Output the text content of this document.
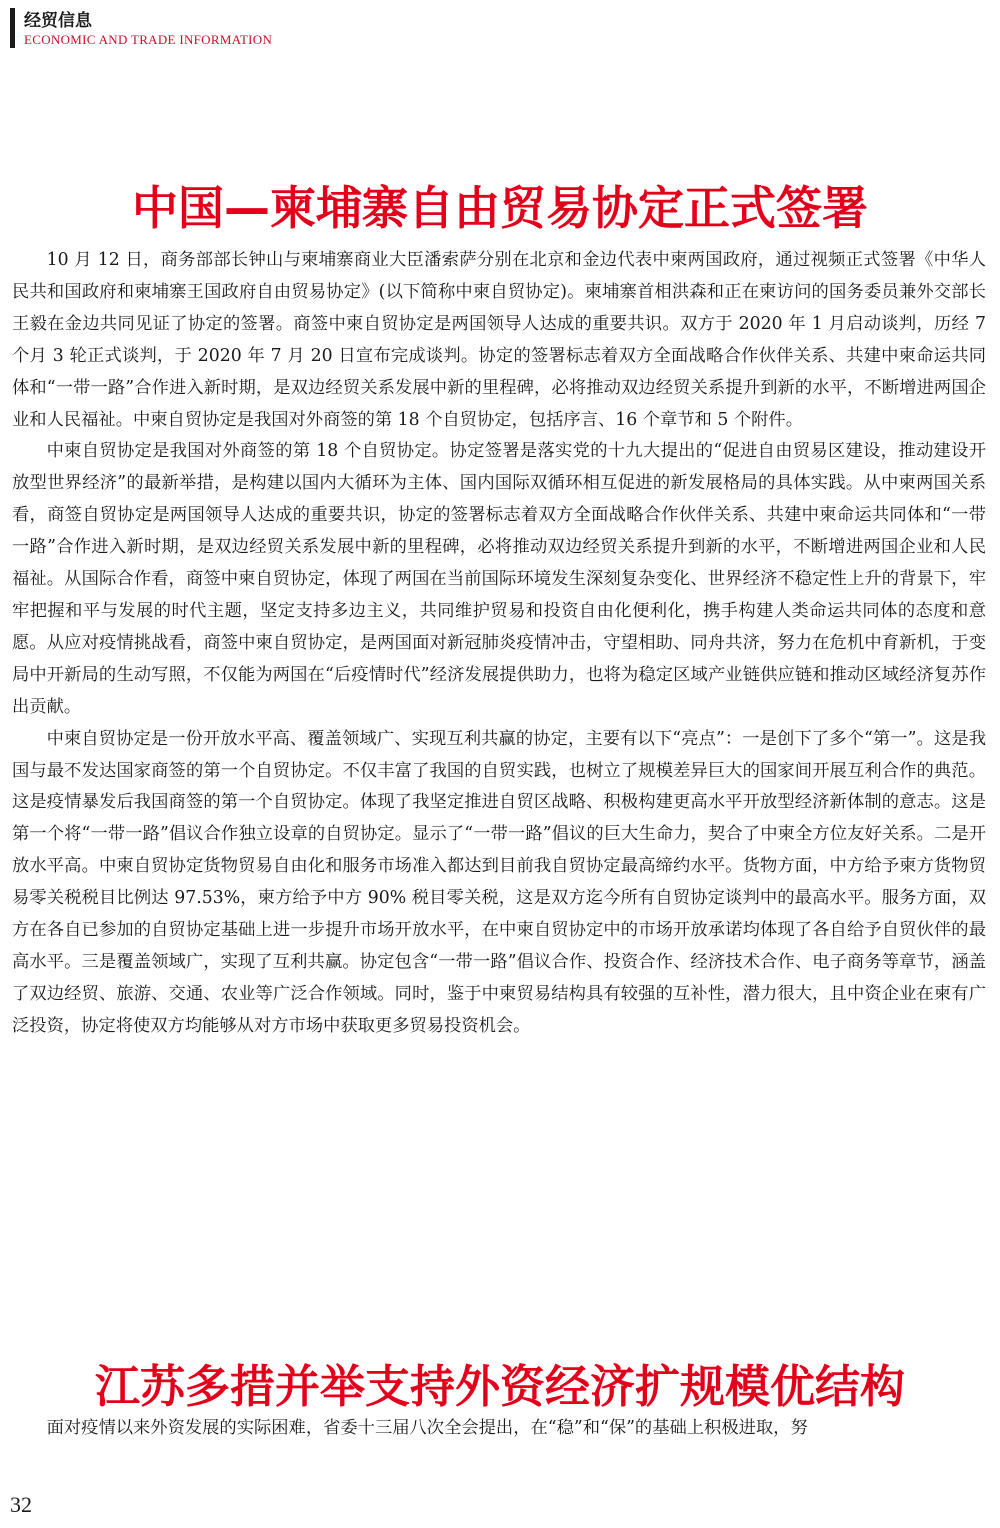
经贸信息
ECONOMIC AND TRADE INFORMATION
中国—柬埔寨自由贸易协定正式签署

10 月 12 日，商务部部长钟山与柬埔寨商业大臣潘索萨分别在北京和金边代表中柬两国政府，通过视频正式签署《中华人民共和国政府和柬埔寨王国政府自由贸易协定》(以下简称中柬自贸协定)。柬埔寨首相洪森和正在柬访问的国务委员兼外交部长王毅在金边共同见证了协定的签署。商签中柬自贸协定是两国领导人达成的重要共识。双方于 2020 年 1 月启动谈判，历经 7 个月 3 轮正式谈判，于 2020 年 7 月 20 日宣布完成谈判。协定的签署标志着双方全面战略合作伙伴关系、共建中柬命运共同体和“一带一路”合作进入新时期，是双边经贸关系发展中新的里程碑，必将推动双边经贸关系提升到新的水平，不断增进两国企业和人民福祉。中柬自贸协定是我国对外商签的第 18 个自贸协定，包括序言、16 个章节和 5 个附件。

中柬自贸协定是我国对外商签的第 18 个自贸协定。协定签署是落实党的十九大提出的“促进自由贸易区建设，推动建设开放型世界经济”的最新举措，是构建以国内大循环为主体、国内国际双循环相互促进的新发展格局的具体实践。从中柬两国关系看，商签自贸协定是两国领导人达成的重要共识，协定的签署标志着双方全面战略合作伙伴关系、共建中柬命运共同体和“一带一路”合作进入新时期，是双边经贸关系发展中新的里程碑，必将推动双边经贸关系提升到新的水平，不断增进两国企业和人民福祉。从国际合作看，商签中柬自贸协定，体现了两国在当前国际环境发生深刻复杂变化、世界经济不稳定性上升的背景下，牢牢把握和平与发展的时代主题，坚定支持多边主义，共同维护贸易和投资自由化便利化，携手构建人类命运共同体的态度和意愿。从应对疫情挑战看，商签中柬自贸协定，是两国面对新冠肺炎疫情冲击，守望相助、同舟共济，努力在危机中育新机，于变局中开新局的生动写照，不仅能为两国在“后疫情时代”经济发展提供助力，也将为稳定区域产业链供应链和推动区域经济复苏作出贡献。

中柬自贸协定是一份开放水平高、覆盖领域广、实现互利共赢的协定，主要有以下“亮点”：一是创下了多个“第一”。这是我国与最不发达国家商签的第一个自贸协定。不仅丰富了我国的自贸实践，也树立了规模差异巨大的国家间开展互利合作的典范。这是疫情暴发后我国商签的第一个自贸协定。体现了我坚定推进自贸区战略、积极构建更高水平开放型经济新体制的意志。这是第一个将“一带一路”倡议合作独立设章的自贸协定。显示了“一带一路”倡议的巨大生命力，契合了中柬全方位友好关系。二是开放水平高。中柬自贸协定货物贸易自由化和服务市场准入都达到目前我自贸协定最高缔约水平。货物方面，中方给予柬方货物贸易零关税税目比例达 97.53%，柬方给予中方 90% 税目零关税，这是双方迄今所有自贸协定谈判中的最高水平。服务方面，双方在各自已参加的自贸协定基础上进一步提升市场开放水平，在中柬自贸协定中的市场开放承诺均体现了各自给予自贸伙伴的最高水平。三是覆盖领域广，实现了互利共赢。协定包含“一带一路”倡议合作、投资合作、经济技术合作、电子商务等章节，涵盖了双边经贸、旅游、交通、农业等广泛合作领域。同时，鉴于中柬贸易结构具有较强的互补性，潜力很大，且中资企业在柬有广泛投资，协定将使双方均能够从对方市场中获取更多贸易投资机会。

江苏多措并举支持外资经济扩规模优结构

面对疫情以来外资发展的实际困难，省委十三届八次全会提出，在“稳”和“保”的基础上积极进取，努

32
